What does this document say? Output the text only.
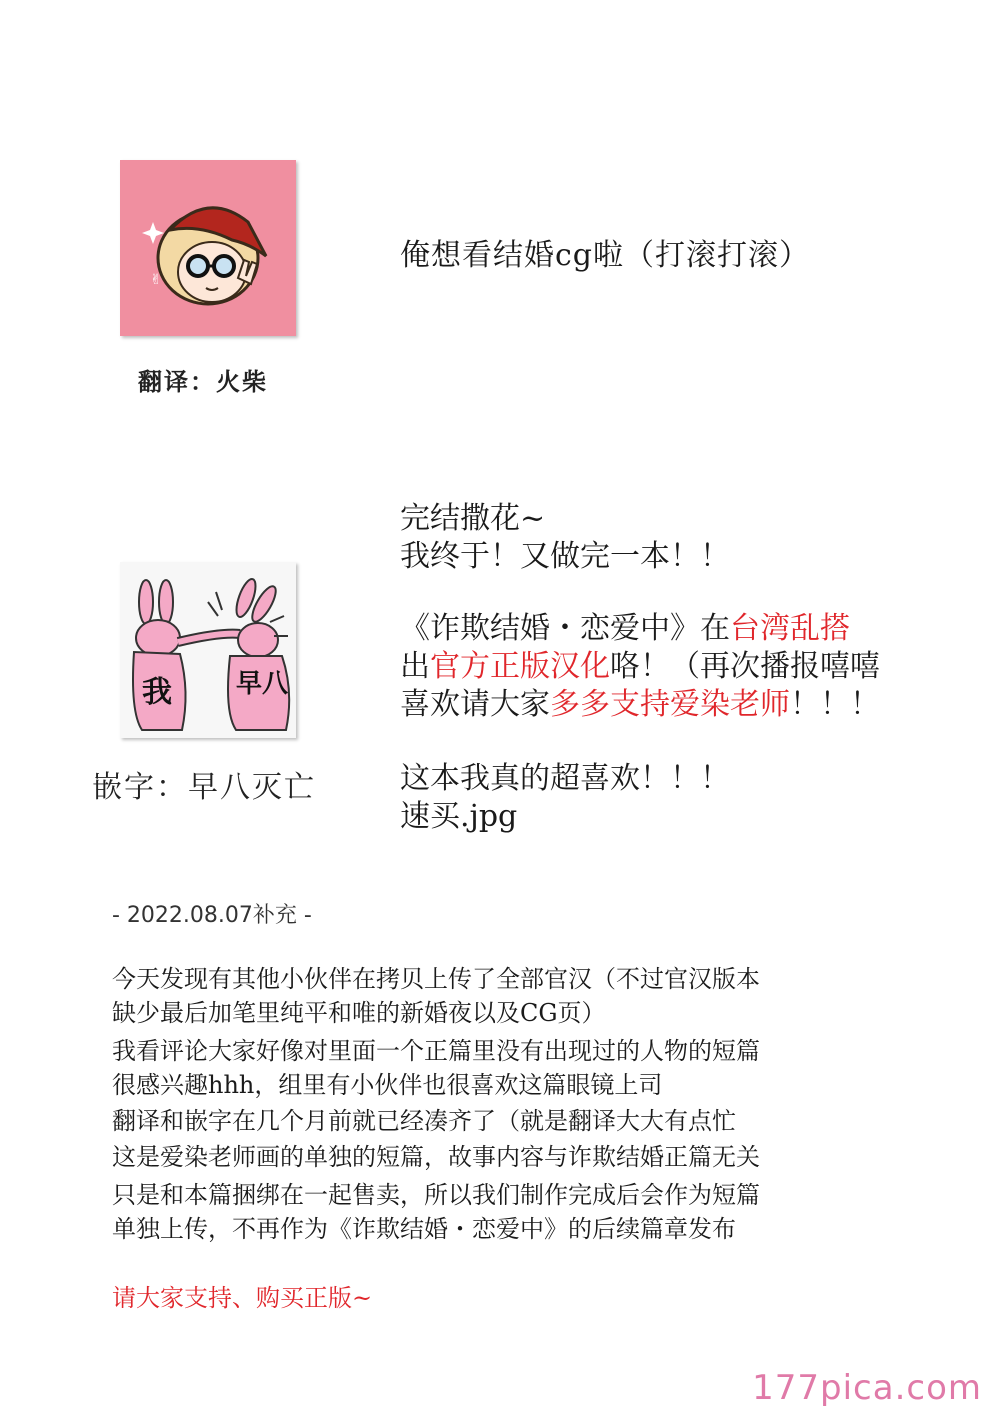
✌
翻译：火柴
俺想看结婚cg啦（打滚打滚）
我 早八
嵌字：早八灭亡
完结撒花~
我终于！又做完一本！！
《诈欺结婚・恋爱中》在台湾乱搭
出官方正版汉化咯！（再次播报嘻嘻
喜欢请大家多多支持爱染老师！！！
这本我真的超喜欢！！！
速买.jpg
- 2022.08.07补充 -
今天发现有其他小伙伴在拷贝上传了全部官汉（不过官汉版本
缺少最后加笔里纯平和唯的新婚夜以及CG页）
我看评论大家好像对里面一个正篇里没有出现过的人物的短篇
很感兴趣hhh，组里有小伙伴也很喜欢这篇眼镜上司
翻译和嵌字在几个月前就已经凑齐了（就是翻译大大有点忙
这是爱染老师画的单独的短篇，故事内容与诈欺结婚正篇无关
只是和本篇捆绑在一起售卖，所以我们制作完成后会作为短篇
单独上传，不再作为《诈欺结婚・恋爱中》的后续篇章发布
请大家支持、购买正版~
177pica.com
